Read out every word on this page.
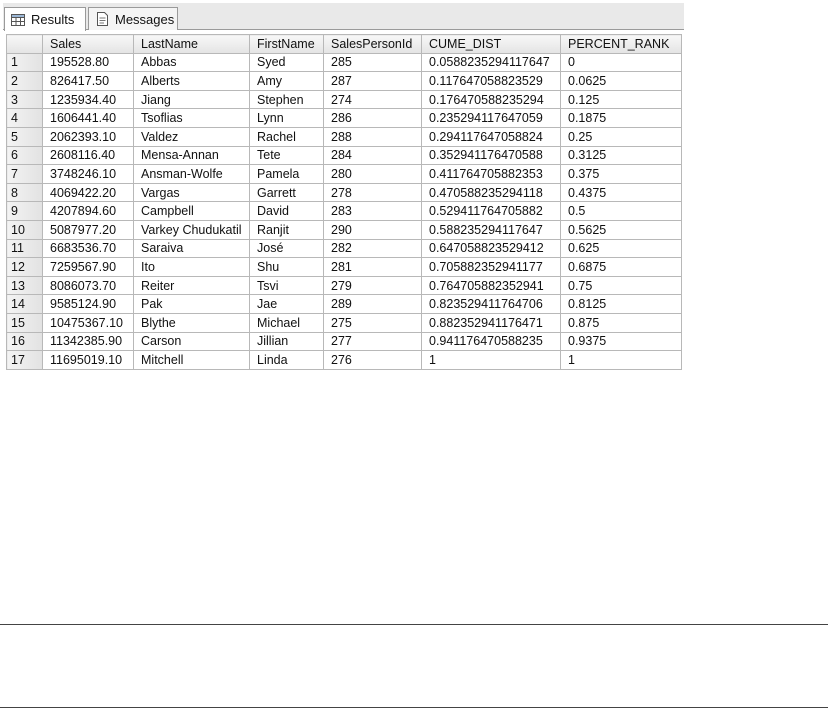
Results	Messages
	Sales	LastName	FirstName	SalesPersonId	CUME_DIST	PERCENT_RANK
1	195528.80	Abbas	Syed	285	0.0588235294117647	0
2	826417.50	Alberts	Amy	287	0.117647058823529	0.0625
3	1235934.40	Jiang	Stephen	274	0.176470588235294	0.125
4	1606441.40	Tsoflias	Lynn	286	0.235294117647059	0.1875
5	2062393.10	Valdez	Rachel	288	0.294117647058824	0.25
6	2608116.40	Mensa-Annan	Tete	284	0.352941176470588	0.3125
7	3748246.10	Ansman-Wolfe	Pamela	280	0.411764705882353	0.375
8	4069422.20	Vargas	Garrett	278	0.470588235294118	0.4375
9	4207894.60	Campbell	David	283	0.529411764705882	0.5
10	5087977.20	Varkey Chudukatil	Ranjit	290	0.588235294117647	0.5625
11	6683536.70	Saraiva	José	282	0.647058823529412	0.625
12	7259567.90	Ito	Shu	281	0.705882352941177	0.6875
13	8086073.70	Reiter	Tsvi	279	0.764705882352941	0.75
14	9585124.90	Pak	Jae	289	0.823529411764706	0.8125
15	10475367.10	Blythe	Michael	275	0.882352941176471	0.875
16	11342385.90	Carson	Jillian	277	0.941176470588235	0.9375
17	11695019.10	Mitchell	Linda	276	1	1
